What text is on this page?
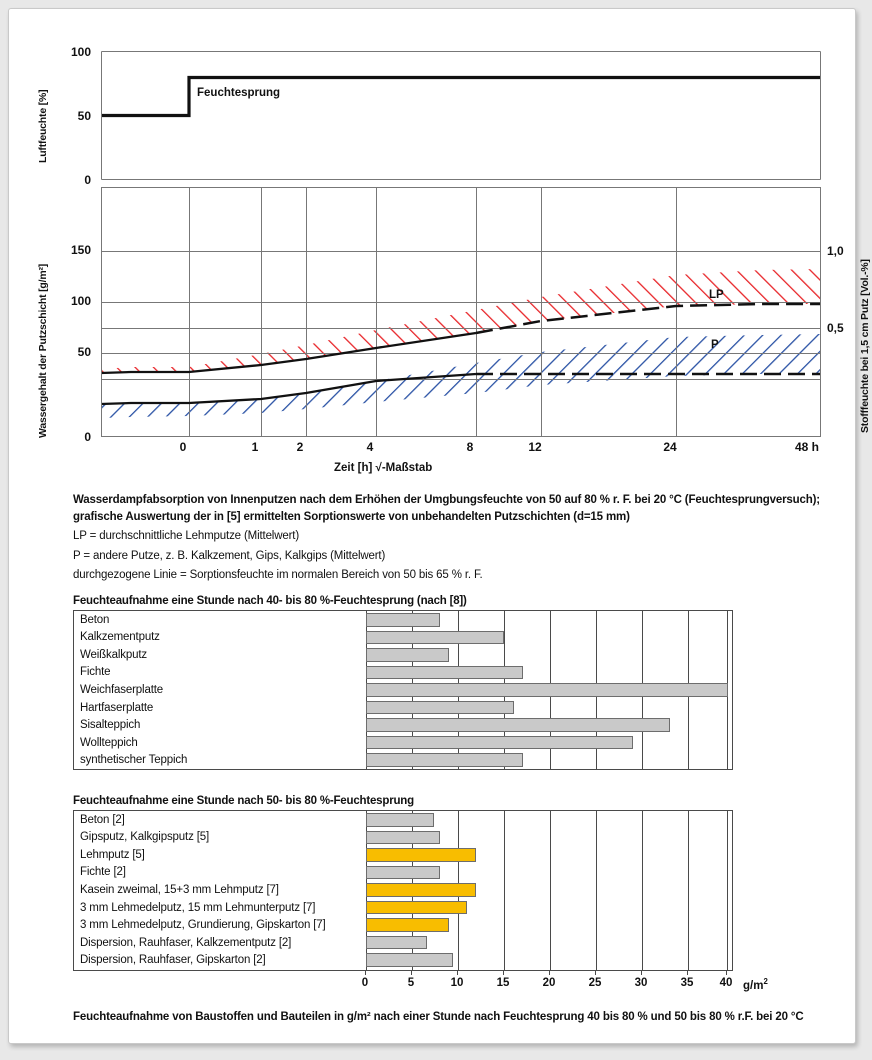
Luftfeuchte [%]
100
50
0
Feuchtesprung
Wassergehalt der Putzschicht [g/m²]
150
100
50
0
1,0
0,5	Stofffeuchte bei 1,5 cm Putz [Vol.-%]
LP
P
0	1	2	4	8	12	24	48 h
Zeit [h] √-Maßstab
Wasserdampfabsorption von Innenputzen nach dem Erhöhen der Umgbungsfeuchte von 50 auf 80 % r. F. bei 20 °C (Feuchtesprungversuch);
grafische Auswertung der in [5] ermittelten Sorptionswerte von unbehandelten Putzschichten (d=15 mm)
LP = durchschnittliche Lehmputze (Mittelwert)
P = andere Putze, z. B. Kalkzement, Gips, Kalkgips (Mittelwert)
durchgezogene Linie = Sorptionsfeuchte im normalen Bereich von 50 bis 65 % r. F.
Feuchteaufnahme eine Stunde nach 40- bis 80 %-Feuchtesprung (nach [8])
Beton
Kalkzementputz
Weißkalkputz
Fichte
Weichfaserplatte
Hartfaserplatte
Sisalteppich
Wollteppich
synthetischer Teppich
Feuchteaufnahme eine Stunde nach 50- bis 80 %-Feuchtesprung
Beton [2]
Gipsputz, Kalkgipsputz [5]
Lehmputz [5]
Fichte [2]
Kasein zweimal, 15+3 mm Lehmputz [7]
3 mm Lehmedelputz, 15 mm Lehmunterputz [7]
3 mm Lehmedelputz, Grundierung, Gipskarton [7]
Dispersion, Rauhfaser, Kalkzementputz [2]
Dispersion, Rauhfaser, Gipskarton [2]
0	5	10	15	20	25	30	35	40 $g/m^2$
Feuchteaufnahme von Baustoffen und Bauteilen in g/m² nach einer Stunde nach Feuchtesprung 40 bis 80 % und 50 bis 80 % r.F. bei 20 °C
